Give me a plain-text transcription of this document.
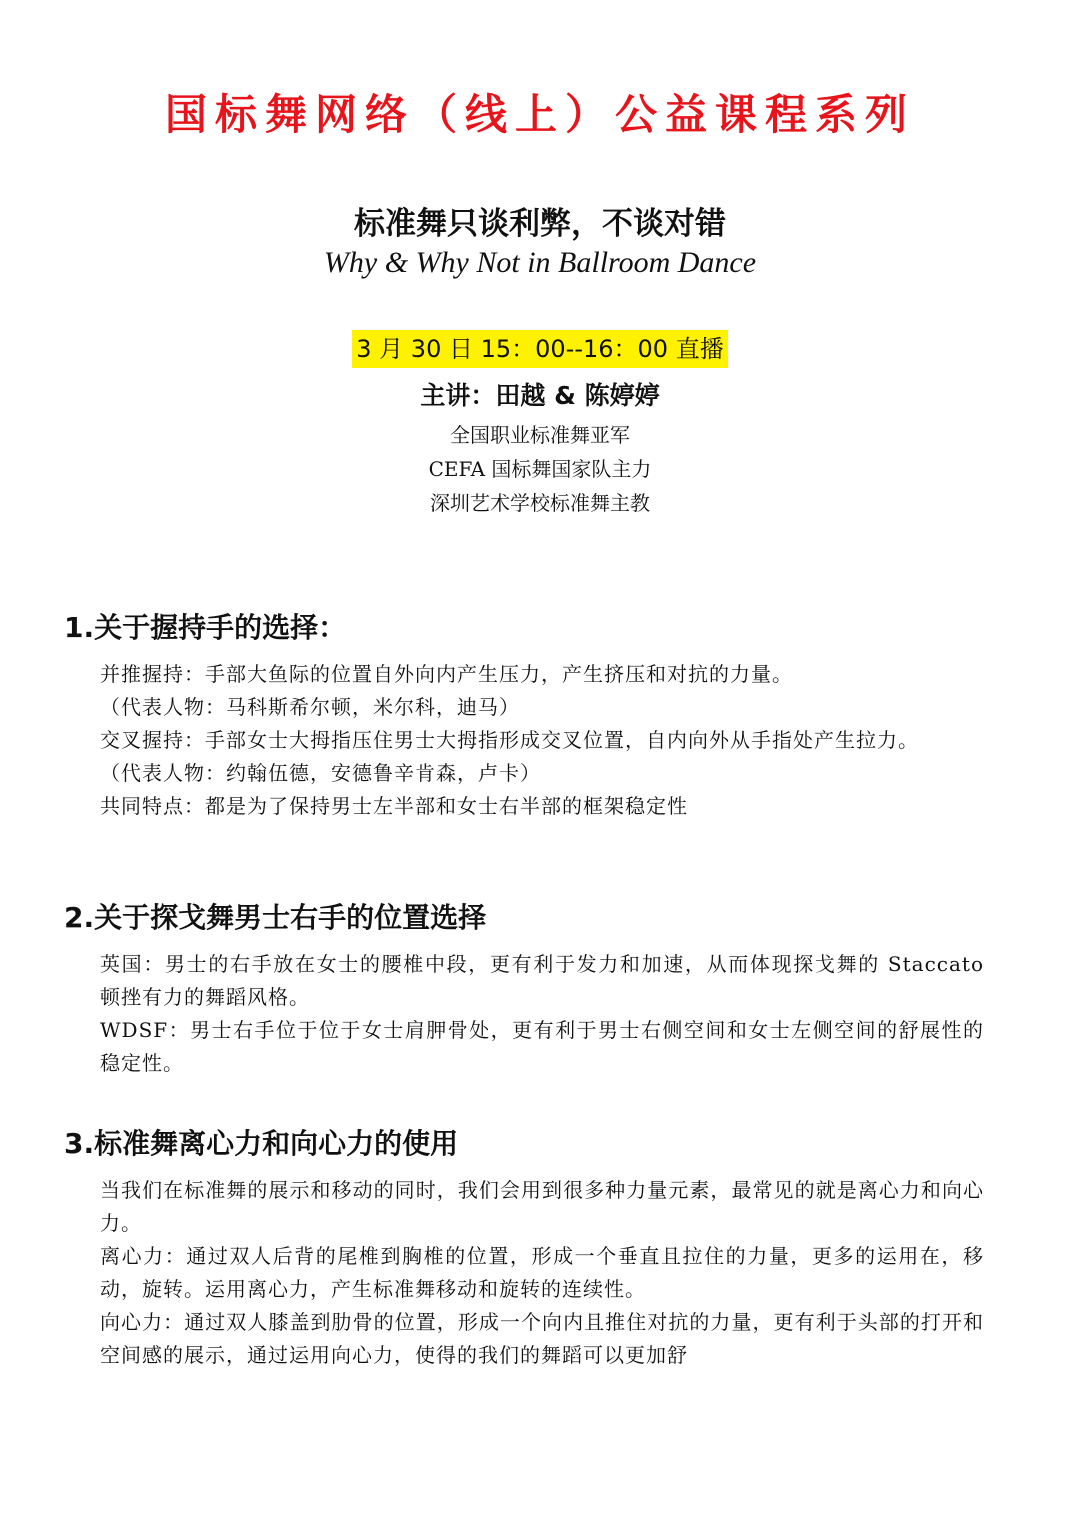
国标舞网络（线上）公益课程系列
标准舞只谈利弊，不谈对错
Why & Why Not in Ballroom Dance
3 月 30 日 15：00--16：00 直播
主讲：田越 & 陈婷婷
全国职业标准舞亚军
CEFA 国标舞国家队主力
深圳艺术学校标准舞主教
1.关于握持手的选择：

并推握持：手部大鱼际的位置自外向内产生压力，产生挤压和对抗的力量。

（代表人物：马科斯希尔顿，米尔科，迪马）

交叉握持：手部女士大拇指压住男士大拇指形成交叉位置，自内向外从手指处产生拉力。

（代表人物：约翰伍德，安德鲁辛肯森，卢卡）

共同特点：都是为了保持男士左半部和女士右半部的框架稳定性

2.关于探戈舞男士右手的位置选择

英国：男士的右手放在女士的腰椎中段，更有利于发力和加速，从而体现探戈舞的 Staccato 顿挫有力的舞蹈风格。

WDSF：男士右手位于位于女士肩胛骨处，更有利于男士右侧空间和女士左侧空间的舒展性的稳定性。

3.标准舞离心力和向心力的使用

当我们在标准舞的展示和移动的同时，我们会用到很多种力量元素，最常见的就是离心力和向心力。

离心力：通过双人后背的尾椎到胸椎的位置，形成一个垂直且拉住的力量，更多的运用在，移动，旋转。运用离心力，产生标准舞移动和旋转的连续性。

向心力：通过双人膝盖到肋骨的位置，形成一个向内且推住对抗的力量，更有利于头部的打开和空间感的展示，通过运用向心力，使得的我们的舞蹈可以更加舒
